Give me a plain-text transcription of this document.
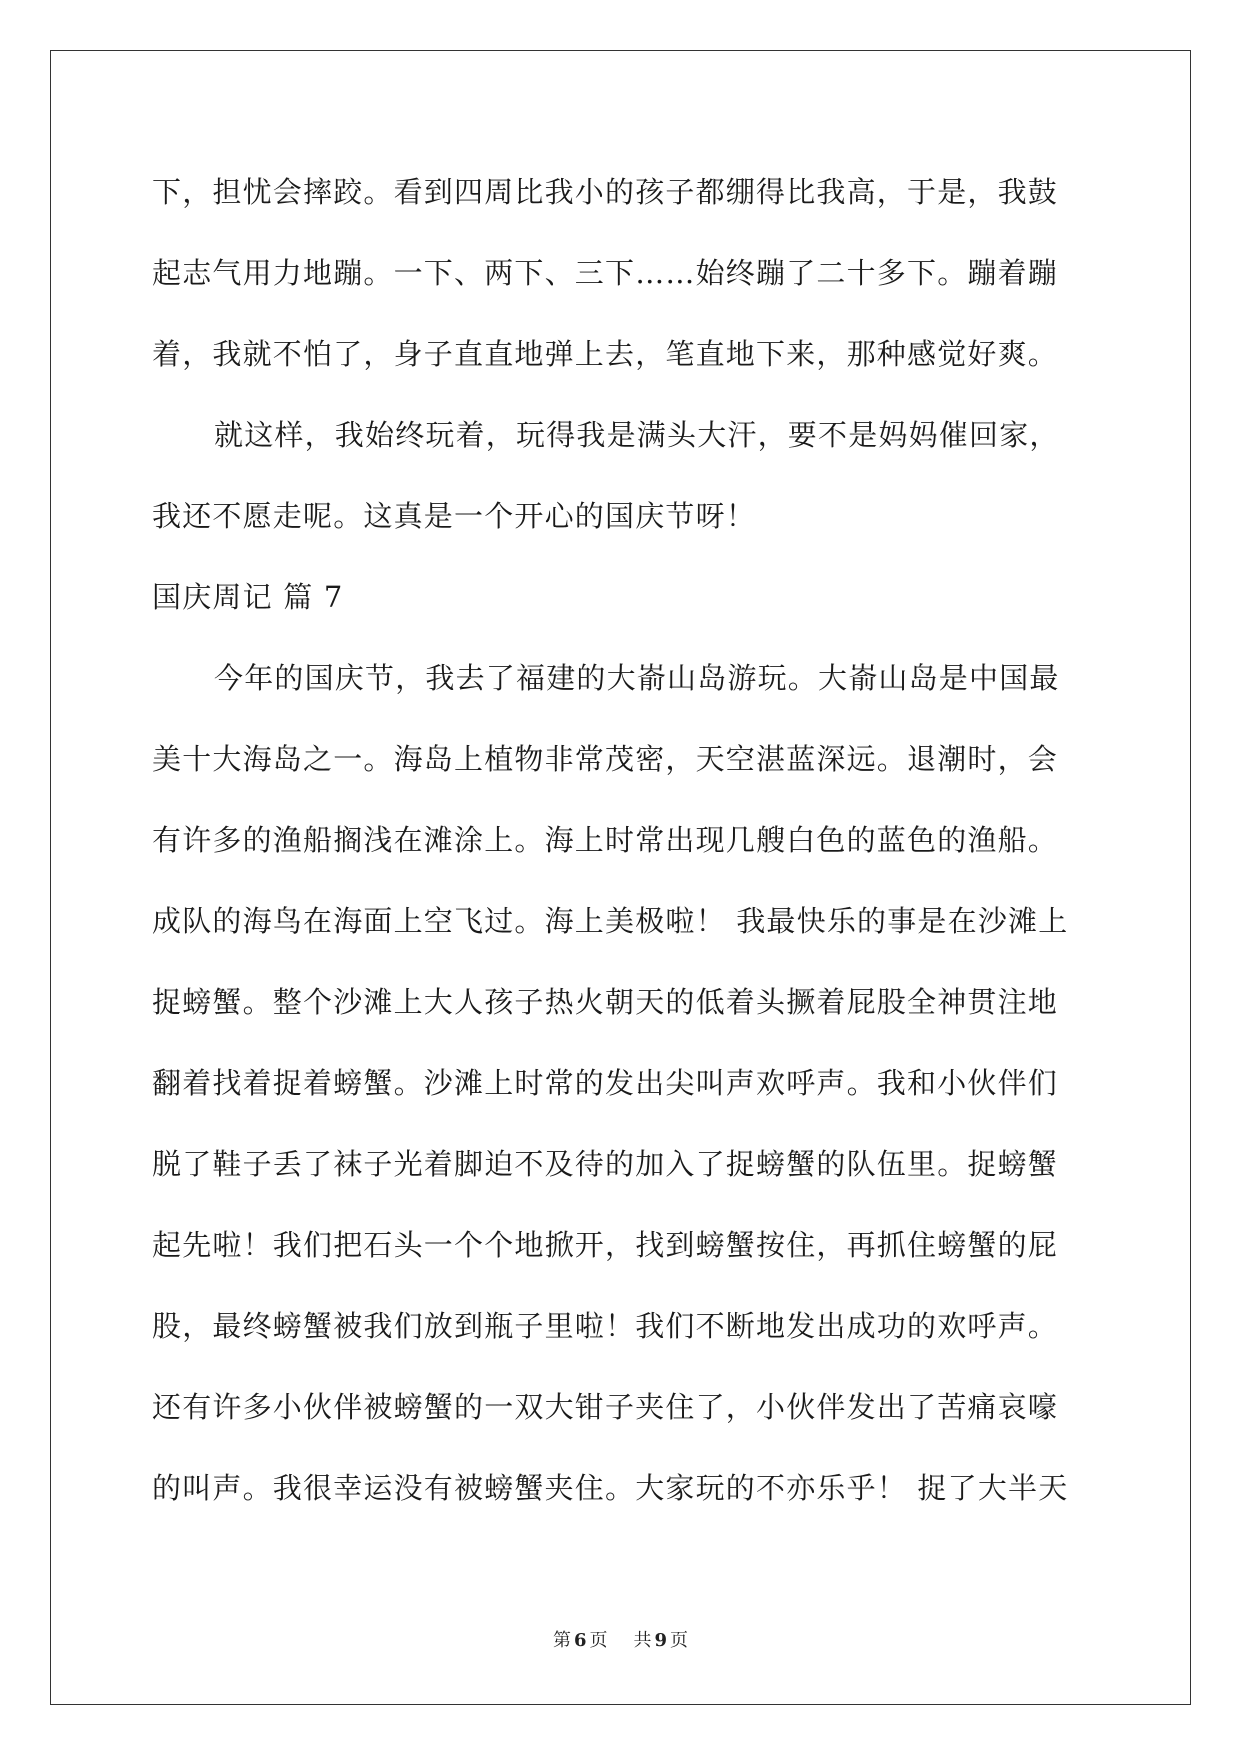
下，担忧会摔跤。看到四周比我小的孩子都绷得比我高，于是，我鼓
起志气用力地蹦。一下、两下、三下……始终蹦了二十多下。蹦着蹦
着，我就不怕了，身子直直地弹上去，笔直地下来，那种感觉好爽。
就这样，我始终玩着，玩得我是满头大汗，要不是妈妈催回家，
我还不愿走呢。这真是一个开心的国庆节呀！
国庆周记 篇 7
今年的国庆节，我去了福建的大嵛山岛游玩。大嵛山岛是中国最
美十大海岛之一。海岛上植物非常茂密，天空湛蓝深远。退潮时，会
有许多的渔船搁浅在滩涂上。海上时常出现几艘白色的蓝色的渔船。
成队的海鸟在海面上空飞过。海上美极啦！ 我最快乐的事是在沙滩上
捉螃蟹。整个沙滩上大人孩子热火朝天的低着头撅着屁股全神贯注地
翻着找着捉着螃蟹。沙滩上时常的发出尖叫声欢呼声。我和小伙伴们
脱了鞋子丢了袜子光着脚迫不及待的加入了捉螃蟹的队伍里。捉螃蟹
起先啦！我们把石头一个个地掀开，找到螃蟹按住，再抓住螃蟹的屁
股，最终螃蟹被我们放到瓶子里啦！我们不断地发出成功的欢呼声。
还有许多小伙伴被螃蟹的一双大钳子夹住了，小伙伴发出了苦痛哀嚎
的叫声。我很幸运没有被螃蟹夹住。大家玩的不亦乐乎！ 捉了大半天
第 6 页 共 9 页
